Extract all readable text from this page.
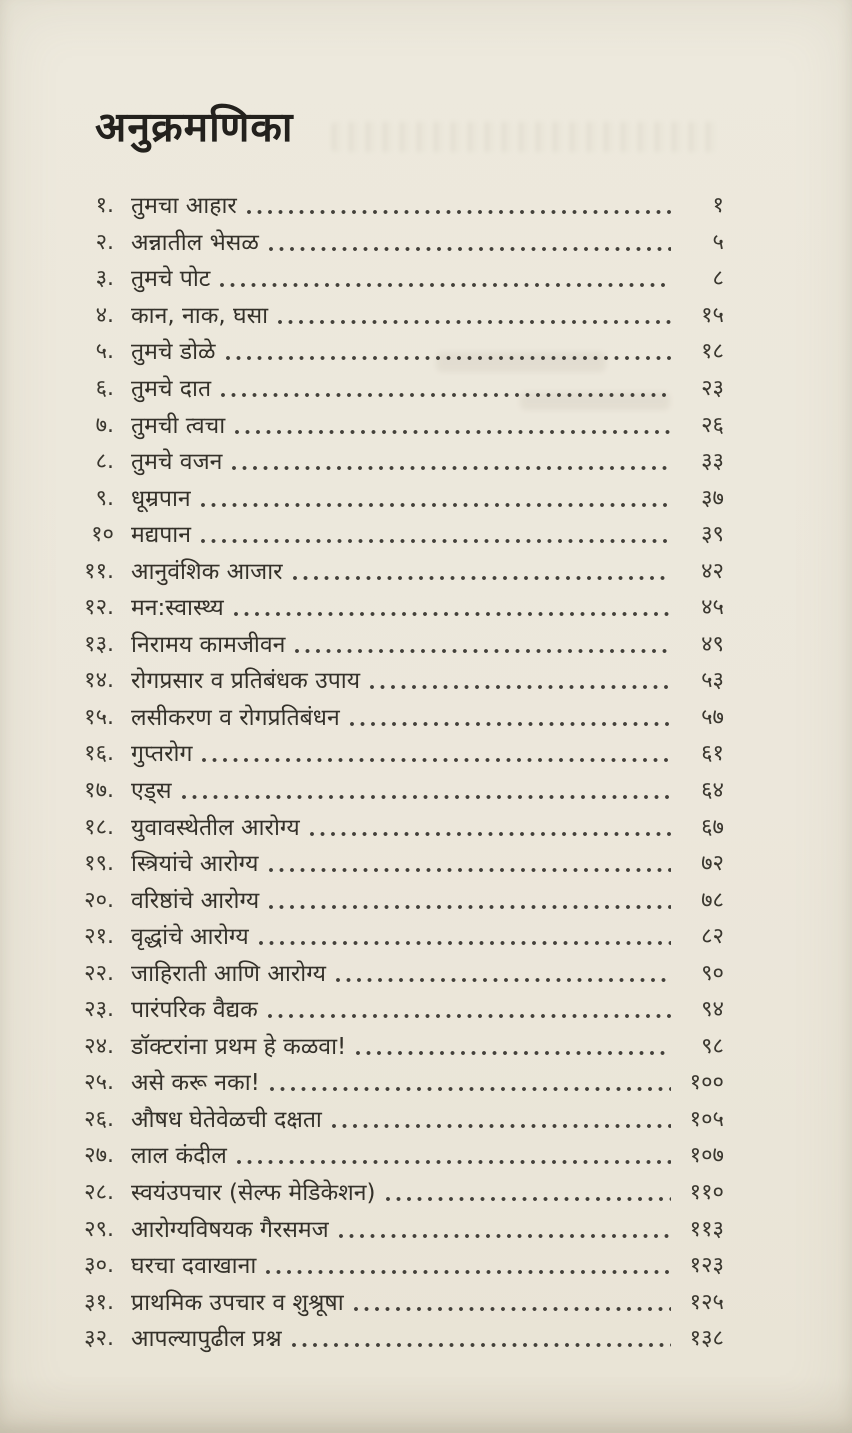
अनुक्रमणिका
१. तुमचा आहार	१
२. अन्नातील भेसळ	५
३. तुमचे पोट	८
४. कान, नाक, घसा	१५
५. तुमचे डोळे	१८
६. तुमचे दात	२३
७. तुमची त्वचा	२६
८. तुमचे वजन	३३
९. धूम्रपान	३७
१० मद्यपान	३९
११. आनुवंशिक आजार	४२
१२. मन:स्वास्थ्य	४५
१३. निरामय कामजीवन	४९
१४. रोगप्रसार व प्रतिबंधक उपाय	५३
१५. लसीकरण व रोगप्रतिबंधन	५७
१६. गुप्तरोग	६१
१७. एड्स	६४
१८. युवावस्थेतील आरोग्य	६७
१९. स्त्रियांचे आरोग्य	७२
२०. वरिष्ठांचे आरोग्य	७८
२१. वृद्धांचे आरोग्य	८२
२२. जाहिराती आणि आरोग्य	९०
२३. पारंपरिक वैद्यक	९४
२४. डॉक्टरांना प्रथम हे कळवा!	९८
२५. असे करू नका!	१००
२६. औषध घेतेवेळची दक्षता	१०५
२७. लाल कंदील	१०७
२८. स्वयंउपचार (सेल्फ मेडिकेशन)	११०
२९. आरोग्यविषयक गैरसमज	११३
३०. घरचा दवाखाना	१२३
३१. प्राथमिक उपचार व शुश्रूषा	१२५
३२. आपल्यापुढील प्रश्न	१३८
